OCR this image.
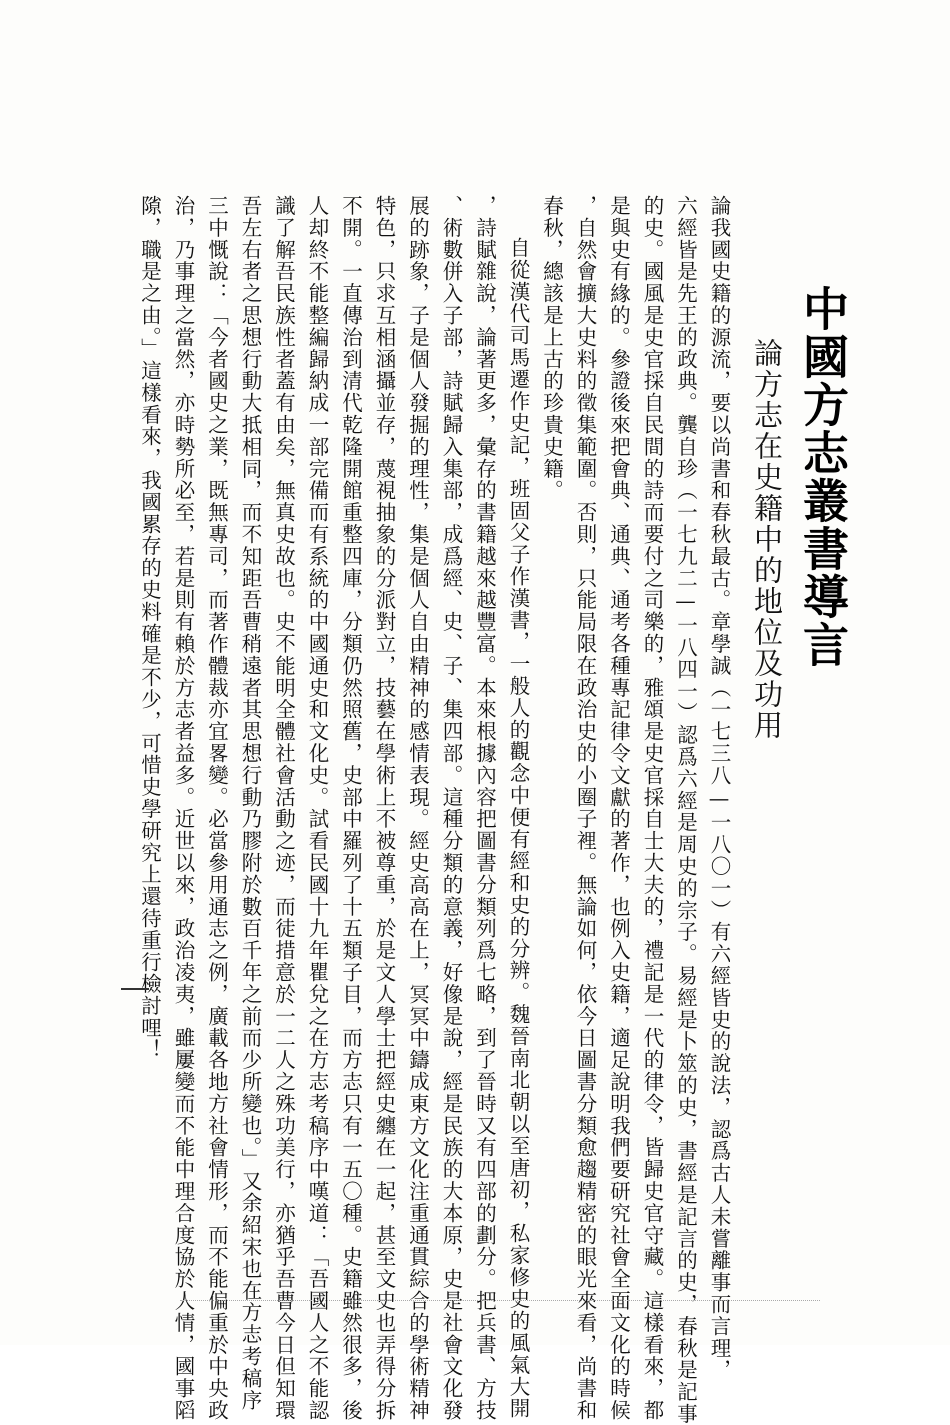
中國方志叢書導言
論方志在史籍中的地位及功用
論我國史籍的源流，要以尚書和春秋最古。章學誠（一七三八—一八〇一）有六經皆史的說法，認爲古人未嘗離事而言理，
六經皆是先王的政典。龔自珍（一七九二—一八四一）認爲六經是周史的宗子。易經是卜筮的史，書經是記言的史，春秋是記事
的史。國風是史官採自民間的詩而要付之司樂的，雅頌是史官採自士大夫的，禮記是一代的律令，皆歸史官守藏。這樣看來，都
是與史有緣的。參證後來把會典、通典、通考各種專記律令文獻的著作，也例入史籍，適足說明我們要研究社會全面文化的時候
，自然會擴大史料的徵集範圍。否則，只能局限在政治史的小圈子裡。無論如何，依今日圖書分類愈趨精密的眼光來看，尚書和
春秋，總該是上古的珍貴史籍。
自從漢代司馬遷作史記，班固父子作漢書，一般人的觀念中便有經和史的分辨。魏晉南北朝以至唐初，私家修史的風氣大開
，詩賦雜說，論著更多，彙存的書籍越來越豐富。本來根據內容把圖書分類列爲七略，到了晉時又有四部的劃分。把兵書、方技
、術數併入子部，詩賦歸入集部，成爲經、史、子、集四部。這種分類的意義，好像是說，經是民族的大本原，史是社會文化發
展的跡象，子是個人發掘的理性，集是個人自由精神的感情表現。經史高高在上，冥冥中鑄成東方文化注重通貫綜合的學術精神
特色，只求互相涵攝並存，蔑視抽象的分派對立，技藝在學術上不被尊重，於是文人學士把經史纏在一起，甚至文史也弄得分拆
不開。一直傳治到清代乾隆開館重整四庫，分類仍然照舊，史部中羅列了十五類子目，而方志只有一五〇種。史籍雖然很多，後
人却終不能整編歸納成一部完備而有系統的中國通史和文化史。試看民國十九年瞿兌之在方志考稿序中嘆道：「吾國人之不能認
識了解吾民族性者蓋有由矣，無真史故也。史不能明全體社會活動之迹，而徒措意於一二人之殊功美行，亦猶乎吾曹今日但知環
吾左右者之思想行動大抵相同，而不知距吾曹稍遠者其思想行動乃膠附於數百千年之前而少所變也。」又余紹宋也在方志考稿序
三中慨說：「今者國史之業，既無專司，而著作體裁亦宜畧變。必當參用通志之例，廣載各地方社會情形，而不能偏重於中央政
治，乃事理之當然，亦時勢所必至，若是則有賴於方志者益多。近世以來，政治凌夷，雖屢變而不能中理合度協於人情，國事䧟
𨻶，職是之由。」這樣看來，我國累存的史料確是不少，可惜史學研究上還待重行檢討哩！
